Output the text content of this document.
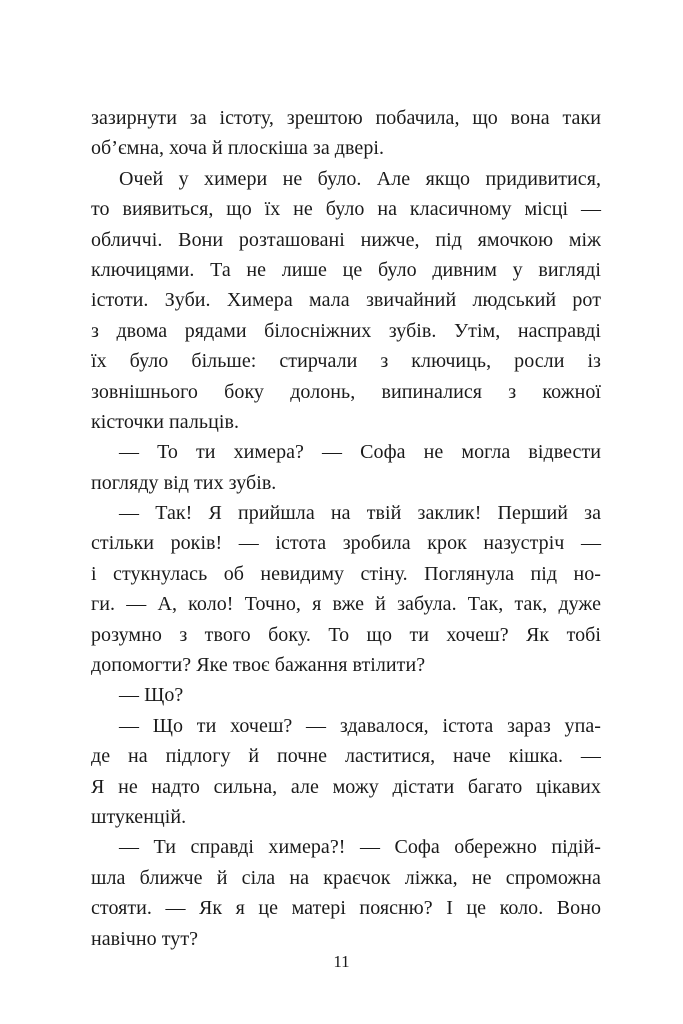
зазирнути за істоту, зрештою побачила, що вона таки
об’ємна, хоча й плоскіша за двері.
Очей у химери не було. Але якщо придивитися,
то виявиться, що їх не було на класичному місці —
обличчі. Вони розташовані нижче, під ямочкою між
ключицями. Та не лише це було дивним у вигляді
істоти. Зуби. Химера мала звичайний людський рот
з двома рядами білосніжних зубів. Утім, насправді
їх було більше: стирчали з ключиць, росли із
зовнішнього боку долонь, випиналися з кожної
кісточки пальців.
— То ти химера? — Софа не могла відвести
погляду від тих зубів.
— Так! Я прийшла на твій заклик! Перший за
стільки років! — істота зробила крок назустріч —
і стукнулась об невидиму стіну. Поглянула під но-
ги. — А, коло! Точно, я вже й забула. Так, так, дуже
розумно з твого боку. То що ти хочеш? Як тобі
допомогти? Яке твоє бажання втілити?
— Що?
— Що ти хочеш? — здавалося, істота зараз упа-
де на підлогу й почне ластитися, наче кішка. —
Я не надто сильна, але можу дістати багато цікавих
штукенцій.
— Ти справді химера?! — Софа обережно підій-
шла ближче й сіла на краєчок ліжка, не спроможна
стояти. — Як я це матері поясню? І це коло. Воно
навічно тут?
11
